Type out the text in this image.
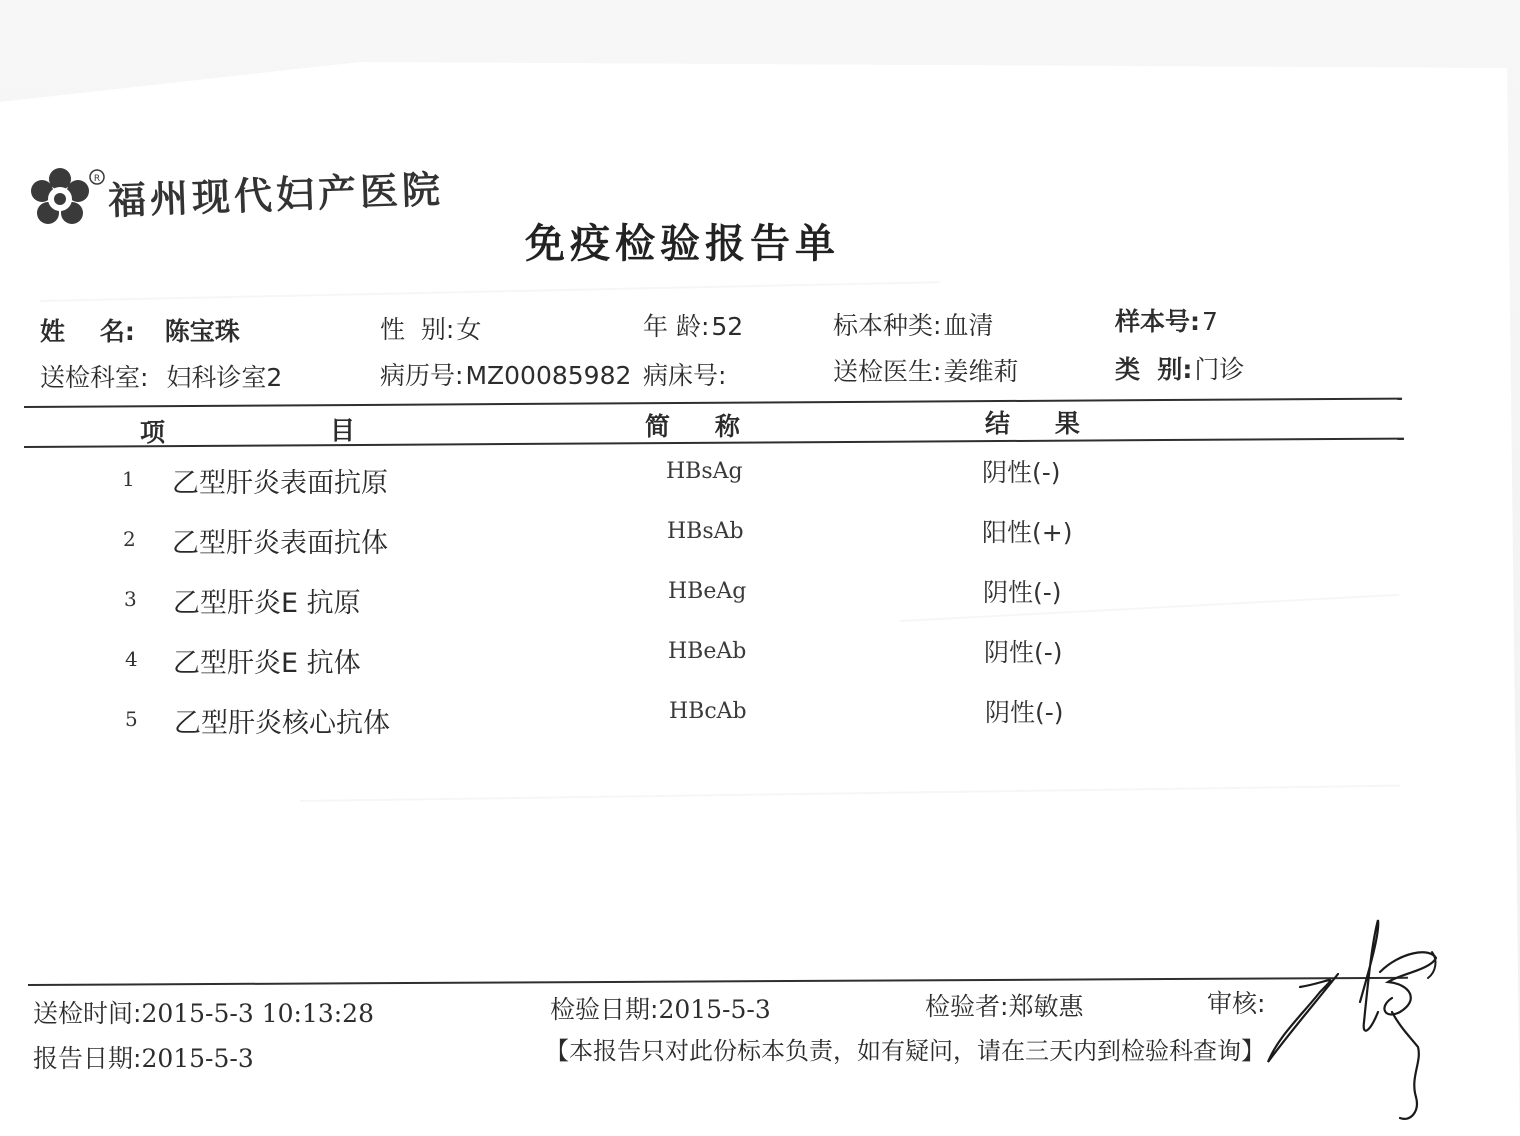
R 福州现代妇产医院
免疫检验报告单
姓    名: 陈宝珠	性  别:女	年 龄:52	标本种类:血清	样本号:7
送检科室: 妇科诊室2	病历号:MZ00085982 病床号:	送检医生:姜维莉	类  别:门诊
项	目	简    称	结    果
1 乙型肝炎表面抗原	HBsAg	阴性(-)
2 乙型肝炎表面抗体	HBsAb	阳性(+)
3 乙型肝炎E 抗原	HBeAg	阴性(-)
4 乙型肝炎E 抗体	HBeAb	阴性(-)
5 乙型肝炎核心抗体	HBcAb	阴性(-)
送检时间:2015-5-3 10:13:28	检验日期:2015-5-3	检验者:郑敏惠	审核:
报告日期:2015-5-3	【本报告只对此份标本负责，如有疑问，请在三天内到检验科查询】
